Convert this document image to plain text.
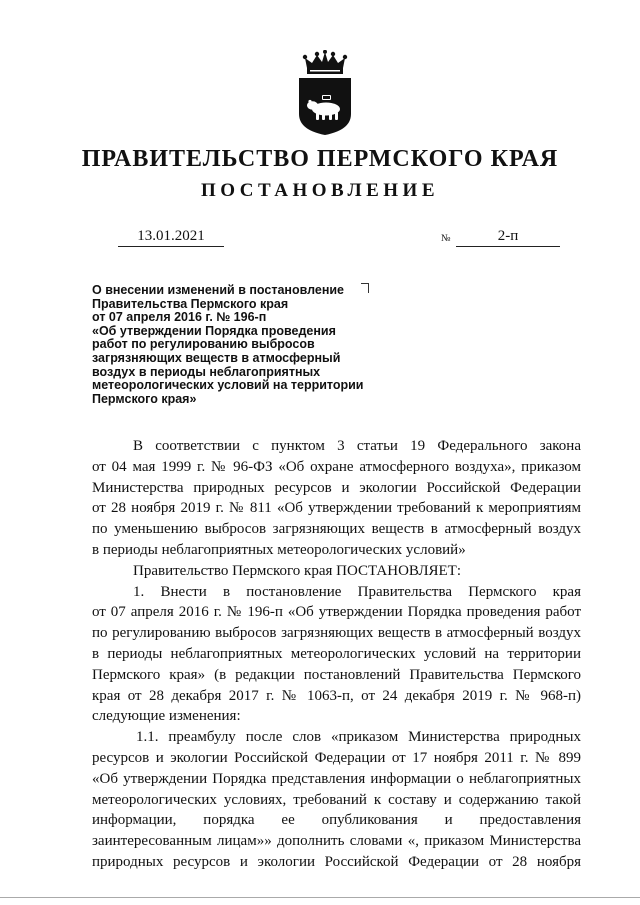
ПРАВИТЕЛЬСТВО ПЕРМСКОГО КРАЯ
ПОСТАНОВЛЕНИЕ
13.01.2021	№	2-п
О внесении изменений в постановление
Правительства Пермского края
от 07 апреля 2016 г. № 196-п
«Об утверждении Порядка проведения
работ по регулированию выбросов
загрязняющих веществ в атмосферный
воздух в периоды неблагоприятных
метеорологических условий на территории
Пермского края»
В соответствии с пунктом 3 статьи 19 Федерального закона
от 04 мая 1999 г. № 96-ФЗ «Об охране атмосферного воздуха», приказом
Министерства природных ресурсов и экологии Российской Федерации
от 28 ноября 2019 г. № 811 «Об утверждении требований к мероприятиям
по уменьшению выбросов загрязняющих веществ в атмосферный воздух
в периоды неблагоприятных метеорологических условий»
Правительство Пермского края ПОСТАНОВЛЯЕТ:
1. Внести в постановление Правительства Пермского края
от 07 апреля 2016 г. № 196-п «Об утверждении Порядка проведения работ
по регулированию выбросов загрязняющих веществ в атмосферный воздух
в периоды неблагоприятных метеорологических условий на территории
Пермского края» (в редакции постановлений Правительства Пермского
края от 28 декабря 2017 г. № 1063-п, от 24 декабря 2019 г. № 968-п)
следующие изменения:
1.1. преамбулу после слов «приказом Министерства природных
ресурсов и экологии Российской Федерации от 17 ноября 2011 г. № 899
«Об утверждении Порядка представления информации о неблагоприятных
метеорологических условиях, требований к составу и содержанию такой
информации, порядка ее опубликования и предоставления
заинтересованным лицам»» дополнить словами «, приказом Министерства
природных ресурсов и экологии Российской Федерации от 28 ноября
